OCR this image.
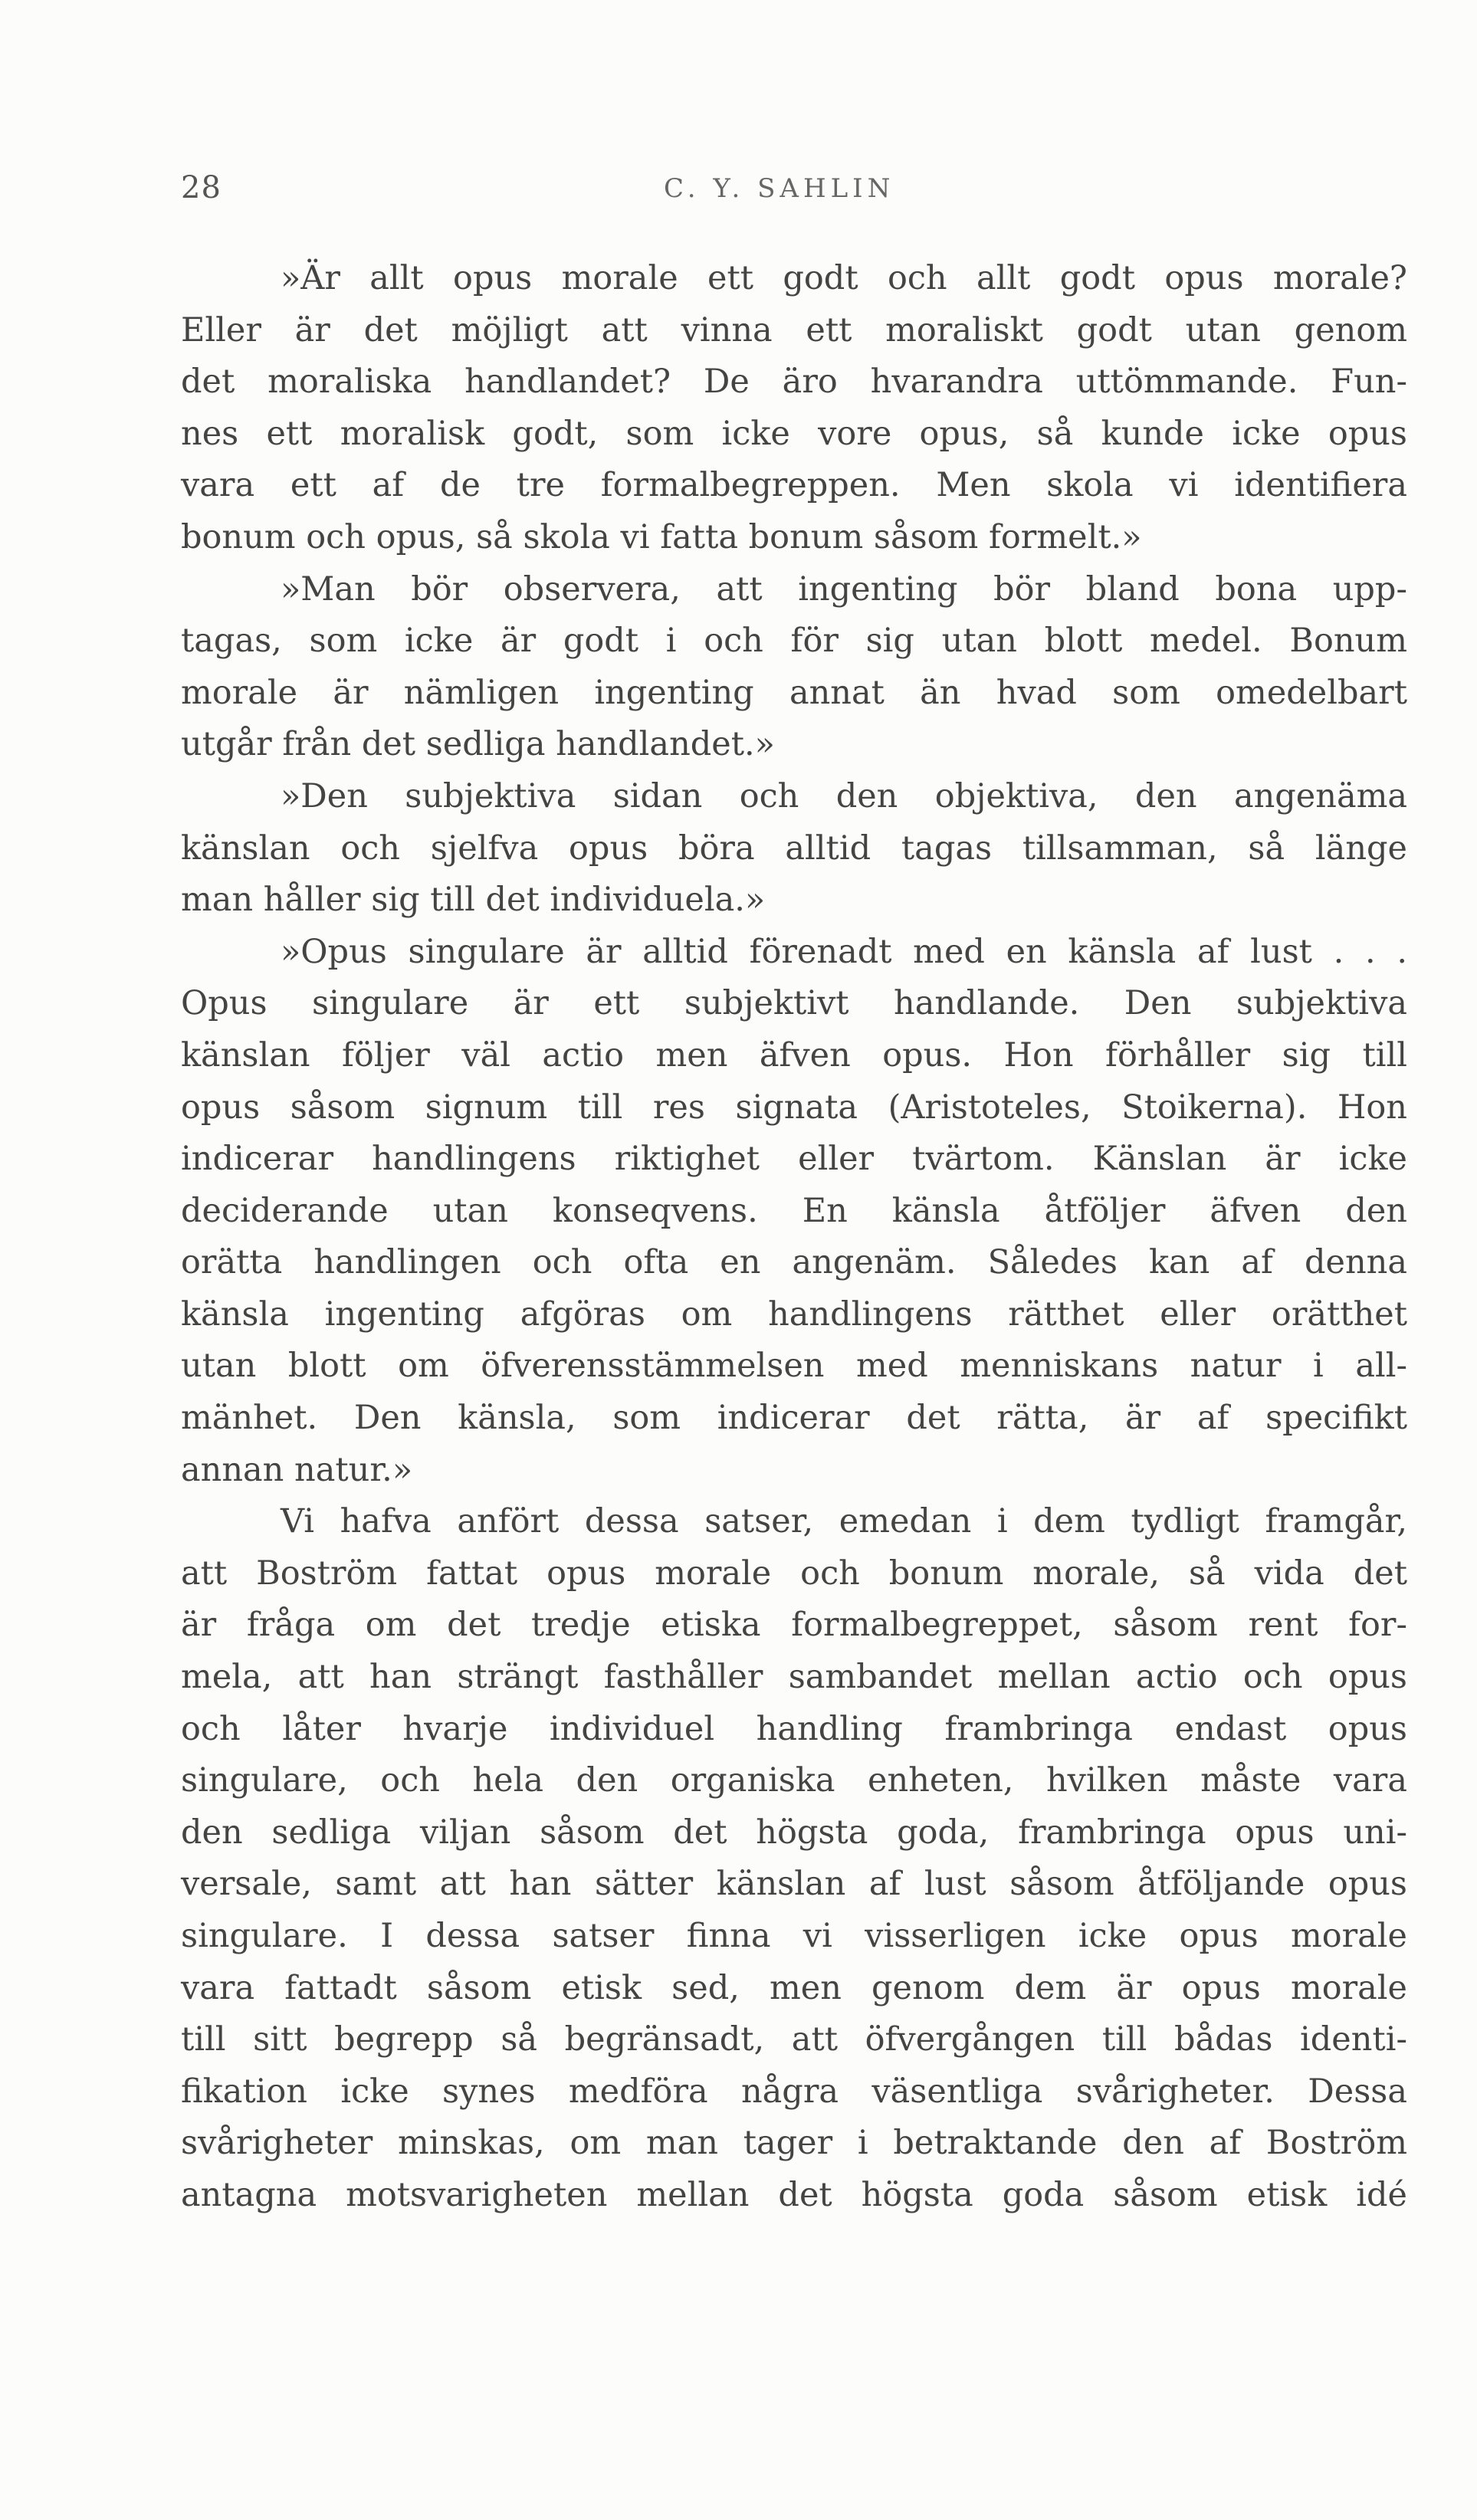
28	C. Y. SAHLIN
»Är allt opus morale ett godt och allt godt opus morale?
Eller är det möjligt att vinna ett moraliskt godt utan genom
det moraliska handlandet? De äro hvarandra uttömmande. Fun-
nes ett moralisk godt, som icke vore opus, så kunde icke opus
vara ett af de tre formalbegreppen. Men skola vi identifiera
bonum och opus, så skola vi fatta bonum såsom formelt.»
»Man bör observera, att ingenting bör bland bona upp-
tagas, som icke är godt i och för sig utan blott medel. Bonum
morale är nämligen ingenting annat än hvad som omedelbart
utgår från det sedliga handlandet.»
»Den subjektiva sidan och den objektiva, den angenäma
känslan och sjelfva opus böra alltid tagas tillsamman, så länge
man håller sig till det individuela.»
»Opus singulare är alltid förenadt med en känsla af lust . . .
Opus singulare är ett subjektivt handlande. Den subjektiva
känslan följer väl actio men äfven opus. Hon förhåller sig till
opus såsom signum till res signata (Aristoteles, Stoikerna). Hon
indicerar handlingens riktighet eller tvärtom. Känslan är icke
deciderande utan konseqvens. En känsla åtföljer äfven den
orätta handlingen och ofta en angenäm. Således kan af denna
känsla ingenting afgöras om handlingens rätthet eller orätthet
utan blott om öfverensstämmelsen med menniskans natur i all-
mänhet. Den känsla, som indicerar det rätta, är af specifikt
annan natur.»
Vi hafva anfört dessa satser, emedan i dem tydligt framgår,
att Boström fattat opus morale och bonum morale, så vida det
är fråga om det tredje etiska formalbegreppet, såsom rent for-
mela, att han strängt fasthåller sambandet mellan actio och opus
och låter hvarje individuel handling frambringa endast opus
singulare, och hela den organiska enheten, hvilken måste vara
den sedliga viljan såsom det högsta goda, frambringa opus uni-
versale, samt att han sätter känslan af lust såsom åtföljande opus
singulare. I dessa satser finna vi visserligen icke opus morale
vara fattadt såsom etisk sed, men genom dem är opus morale
till sitt begrepp så begränsadt, att öfvergången till bådas identi-
fikation icke synes medföra några väsentliga svårigheter. Dessa
svårigheter minskas, om man tager i betraktande den af Boström
antagna motsvarigheten mellan det högsta goda såsom etisk idé
